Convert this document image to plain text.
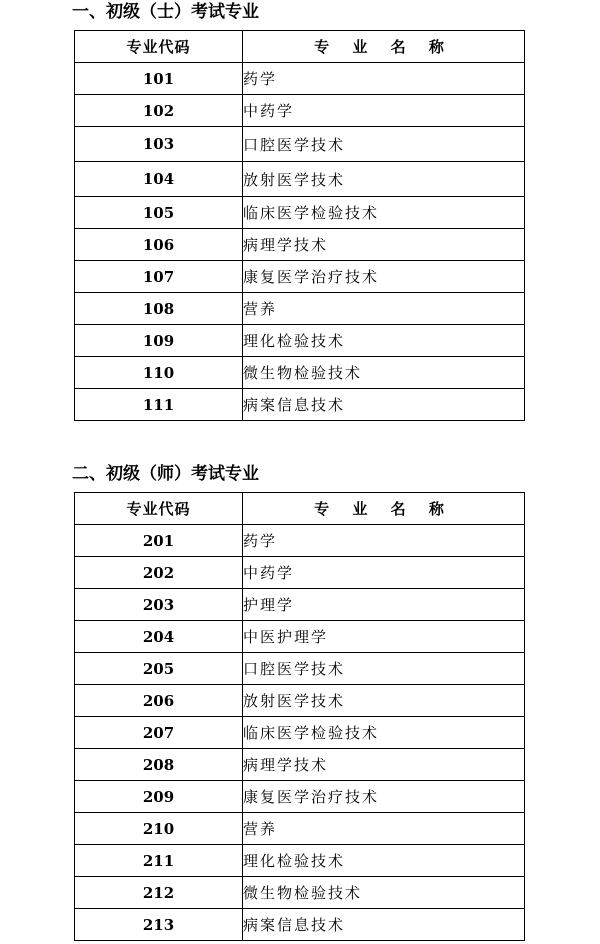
一、初级（士）考试专业
专业代码	专 业 名 称
101	药学
102	中药学
103	口腔医学技术
104	放射医学技术
105	临床医学检验技术
106	病理学技术
107	康复医学治疗技术
108	营养
109	理化检验技术
110	微生物检验技术
111	病案信息技术
二、初级（师）考试专业
专业代码	专 业 名 称
201	药学
202	中药学
203	护理学
204	中医护理学
205	口腔医学技术
206	放射医学技术
207	临床医学检验技术
208	病理学技术
209	康复医学治疗技术
210	营养
211	理化检验技术
212	微生物检验技术
213	病案信息技术
